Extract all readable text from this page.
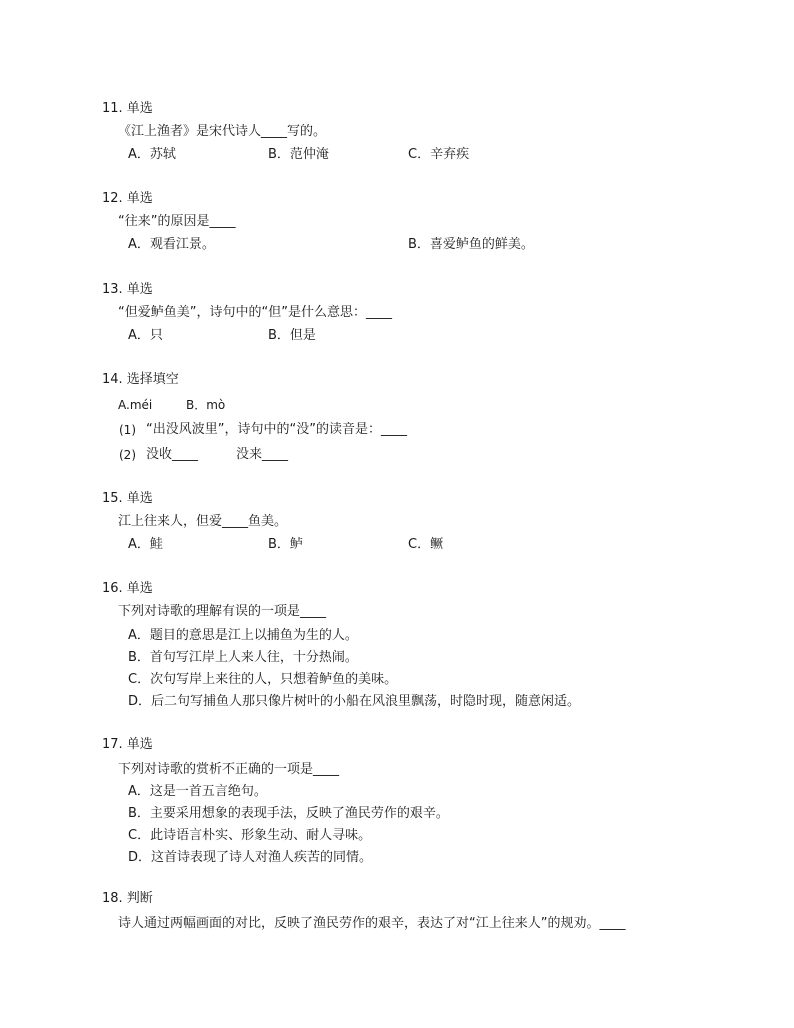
11. 单选
《江上渔者》是宋代诗人____写的。
A．苏轼	B．范仲淹	C．辛弃疾
12. 单选
“往来”的原因是____
A．观看江景。	B．喜爱鲈鱼的鲜美。
13. 单选
“但爱鲈鱼美”，诗句中的“但”是什么意思：____
A．只	B．但是
14. 选择填空
A.méi	B．mò
(1) “出没风波里”，诗句中的“没”的读音是：____
(2) 没收____	没来____
15. 单选
江上往来人，但爱____鱼美。
A．鲑	B．鲈	C．鳜
16. 单选
下列对诗歌的理解有误的一项是____
A．题目的意思是江上以捕鱼为生的人。
B．首句写江岸上人来人往，十分热闹。
C．次句写岸上来往的人，只想着鲈鱼的美味。
D．后二句写捕鱼人那只像片树叶的小船在风浪里飘荡，时隐时现，随意闲适。
17. 单选
下列对诗歌的赏析不正确的一项是____
A．这是一首五言绝句。
B．主要采用想象的表现手法，反映了渔民劳作的艰辛。
C．此诗语言朴实、形象生动、耐人寻味。
D．这首诗表现了诗人对渔人疾苦的同情。
18. 判断
诗人通过两幅画面的对比，反映了渔民劳作的艰辛，表达了对“江上往来人”的规劝。____
